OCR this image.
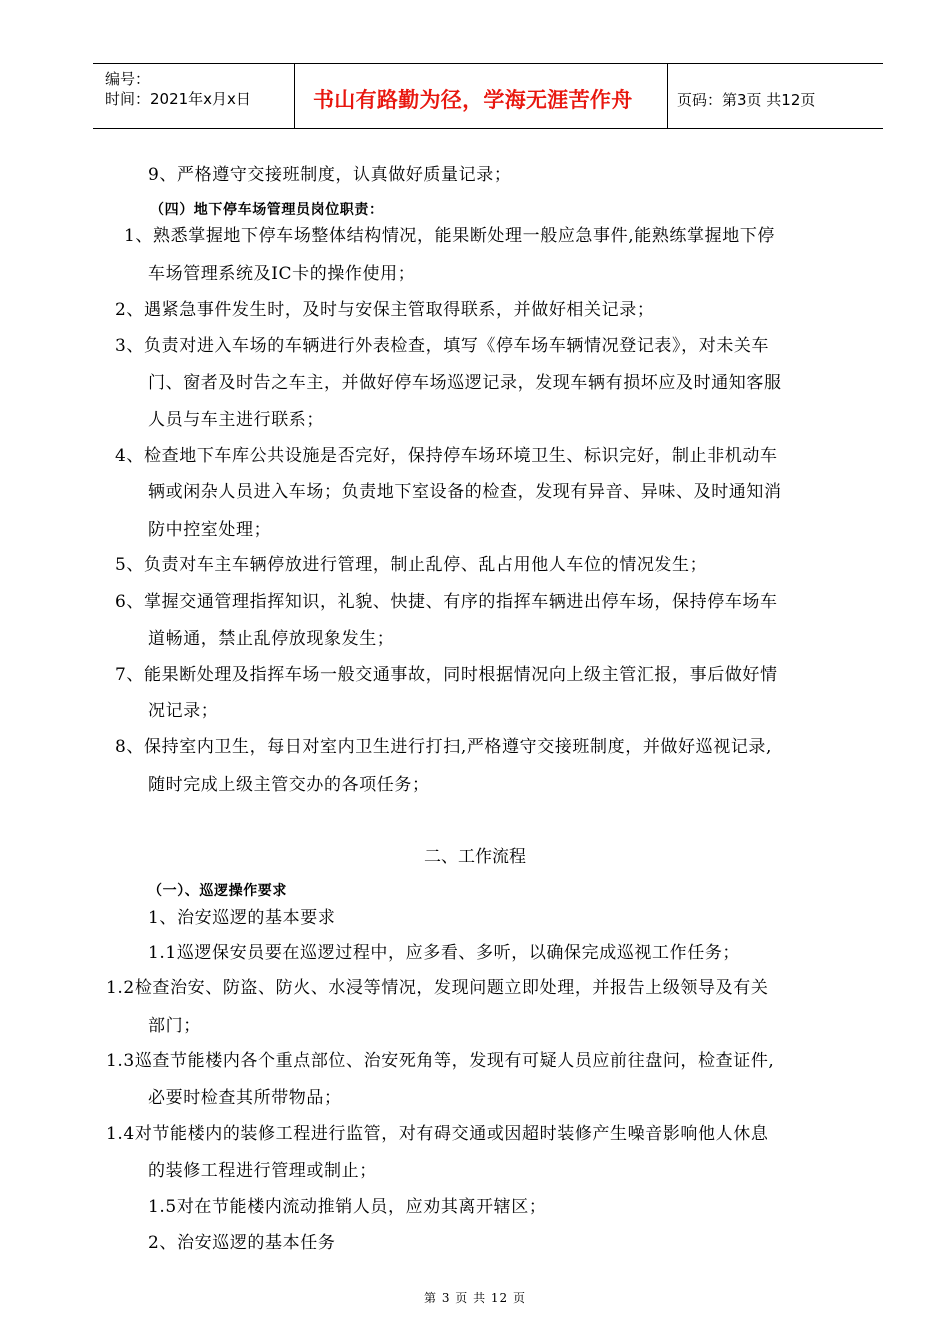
编号：
时间：2021年x月x日	书山有路勤为径，学海无涯苦作舟	页码：第3页 共12页
9、严格遵守交接班制度，认真做好质量记录；
（四）地下停车场管理员岗位职责：
1、熟悉掌握地下停车场整体结构情况，能果断处理一般应急事件,能熟练掌握地下停
车场管理系统及IC卡的操作使用；
2、遇紧急事件发生时，及时与安保主管取得联系，并做好相关记录；
3、负责对进入车场的车辆进行外表检查，填写《停车场车辆情况登记表》，对未关车
门、窗者及时告之车主，并做好停车场巡逻记录，发现车辆有损坏应及时通知客服
人员与车主进行联系；
4、检查地下车库公共设施是否完好，保持停车场环境卫生、标识完好，制止非机动车
辆或闲杂人员进入车场；负责地下室设备的检查，发现有异音、异味、及时通知消
防中控室处理；
5、负责对车主车辆停放进行管理，制止乱停、乱占用他人车位的情况发生；
6、掌握交通管理指挥知识，礼貌、快捷、有序的指挥车辆进出停车场，保持停车场车
道畅通，禁止乱停放现象发生；
7、能果断处理及指挥车场一般交通事故，同时根据情况向上级主管汇报，事后做好情
况记录；
8、保持室内卫生，每日对室内卫生进行打扫,严格遵守交接班制度，并做好巡视记录,
随时完成上级主管交办的各项任务；
二、工作流程
（一）、巡逻操作要求
1、治安巡逻的基本要求
1.1巡逻保安员要在巡逻过程中，应多看、多听，以确保完成巡视工作任务；
1.2检查治安、防盗、防火、水浸等情况，发现问题立即处理，并报告上级领导及有关
部门；
1.3巡查节能楼内各个重点部位、治安死角等，发现有可疑人员应前往盘问，检查证件,
必要时检查其所带物品；
1.4对节能楼内的装修工程进行监管，对有碍交通或因超时装修产生噪音影响他人休息
的装修工程进行管理或制止；
1.5对在节能楼内流动推销人员，应劝其离开辖区；
2、治安巡逻的基本任务
第 3 页 共 12 页
